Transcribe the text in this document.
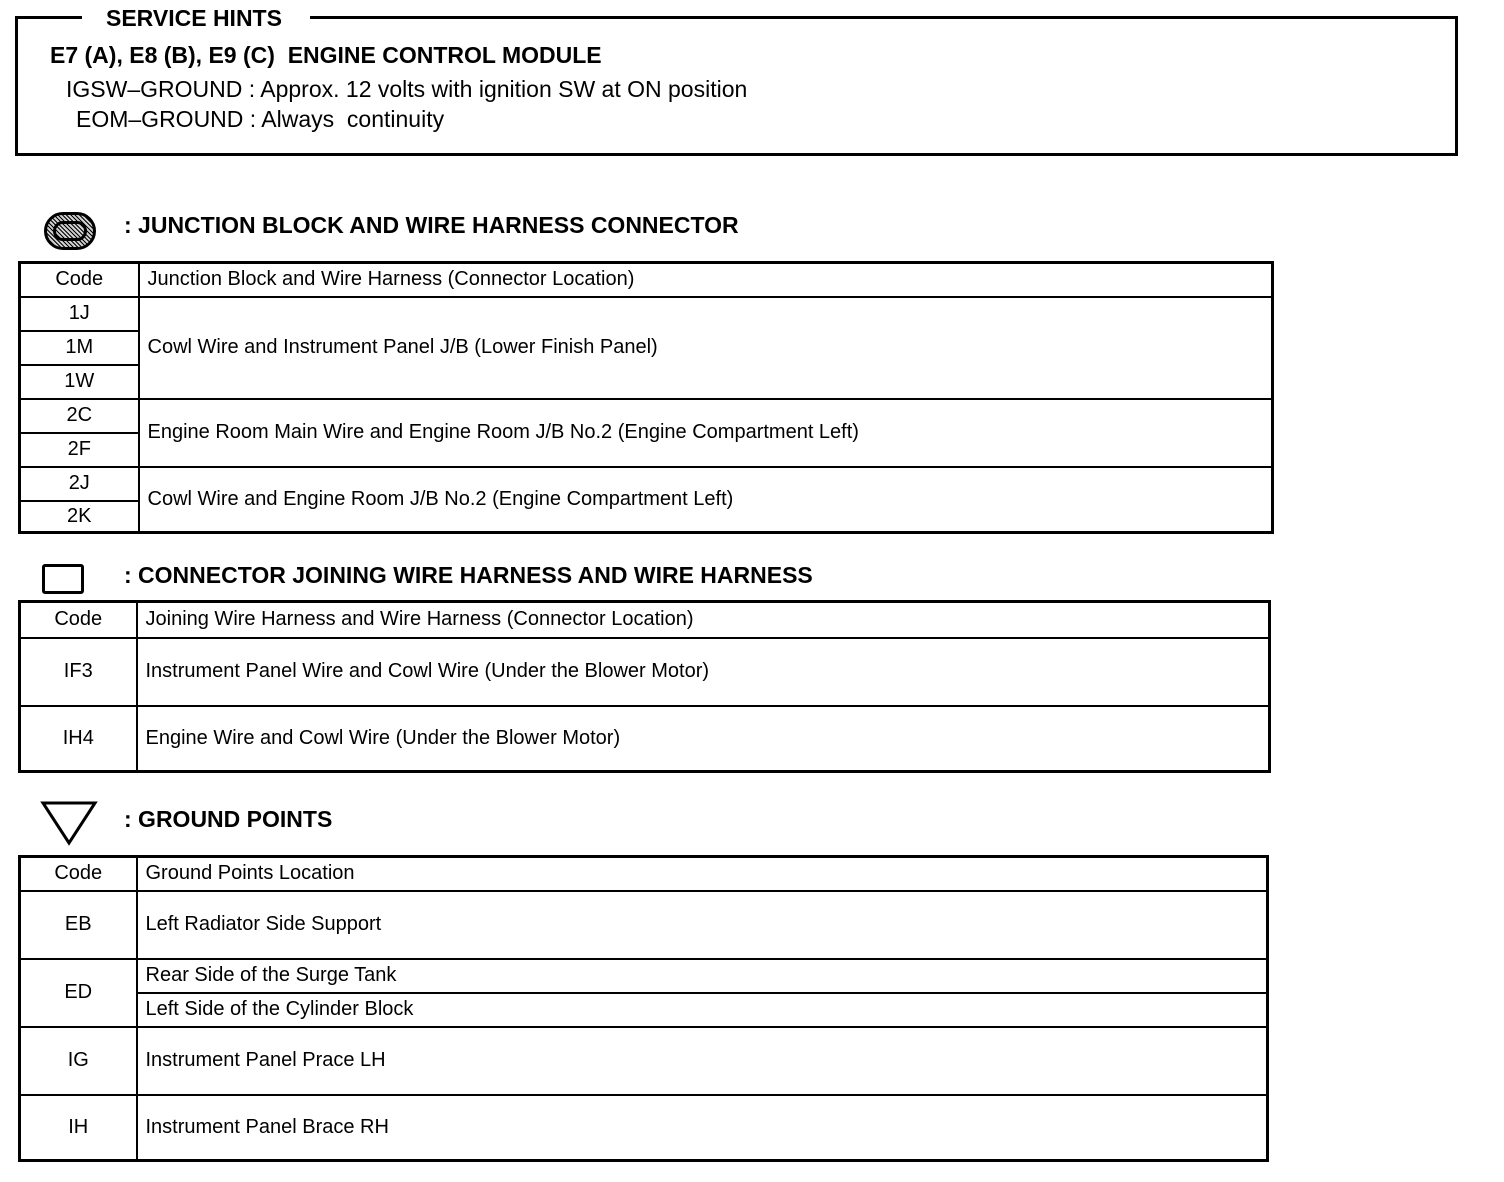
SERVICE HINTS
E7 (A), E8 (B), E9 (C)  ENGINE CONTROL MODULE
IGSW–GROUND : Approx. 12 volts with ignition SW at ON position
EOM–GROUND : Always  continuity
: JUNCTION BLOCK AND WIRE HARNESS CONNECTOR
Code	Junction Block and Wire Harness (Connector Location)
1J	Cowl Wire and Instrument Panel J/B (Lower Finish Panel)
1M	
1W	
2C	Engine Room Main Wire and Engine Room J/B No.2 (Engine Compartment Left)
2F	
2J	Cowl Wire and Engine Room J/B No.2 (Engine Compartment Left)
2K	
: CONNECTOR JOINING WIRE HARNESS AND WIRE HARNESS
Code	Joining Wire Harness and Wire Harness (Connector Location)
IF3	Instrument Panel Wire and Cowl Wire (Under the Blower Motor)
IH4	Engine Wire and Cowl Wire (Under the Blower Motor)
: GROUND POINTS
Code	Ground Points Location
EB	Left Radiator Side Support
ED	Rear Side of the Surge Tank
	Left Side of the Cylinder Block
IG	Instrument Panel Prace LH
IH	Instrument Panel Brace RH
